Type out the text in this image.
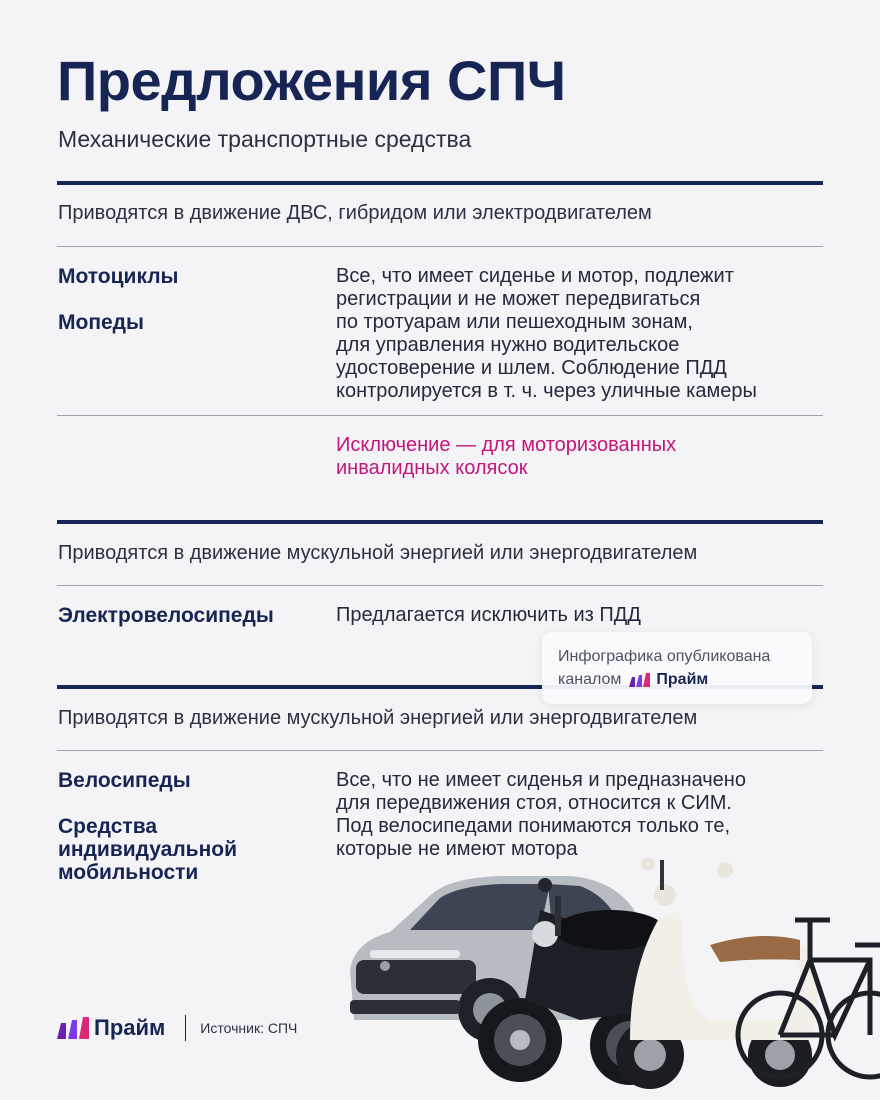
Предложения СПЧ
Механические транспортные средства
Приводятся в движение ДВС, гибридом или электродвигателем
Мотоциклы
Мопеды
Все, что имеет сиденье и мотор, подлежит
регистрации и не может передвигаться
по тротуарам или пешеходным зонам,
для управления нужно водительское
удостоверение и шлем. Соблюдение ПДД
контролируется в т. ч. через уличные камеры
Исключение — для моторизованных
инвалидных колясок
Приводятся в движение мускульной энергией или энергодвигателем
Электровелосипеды	Предлагается исключить из ПДД
Приводятся в движение мускульной энергией или энергодвигателем
Велосипеды
Средства
индивидуальной
мобильности
Все, что не имеет сиденья и предназначено
для передвижения стоя, относится к СИМ.
Под велосипедами понимаются только те,
которые не имеют мотора
Инфографика опубликована
каналом Прайм
Прайм	Источник: СПЧ
